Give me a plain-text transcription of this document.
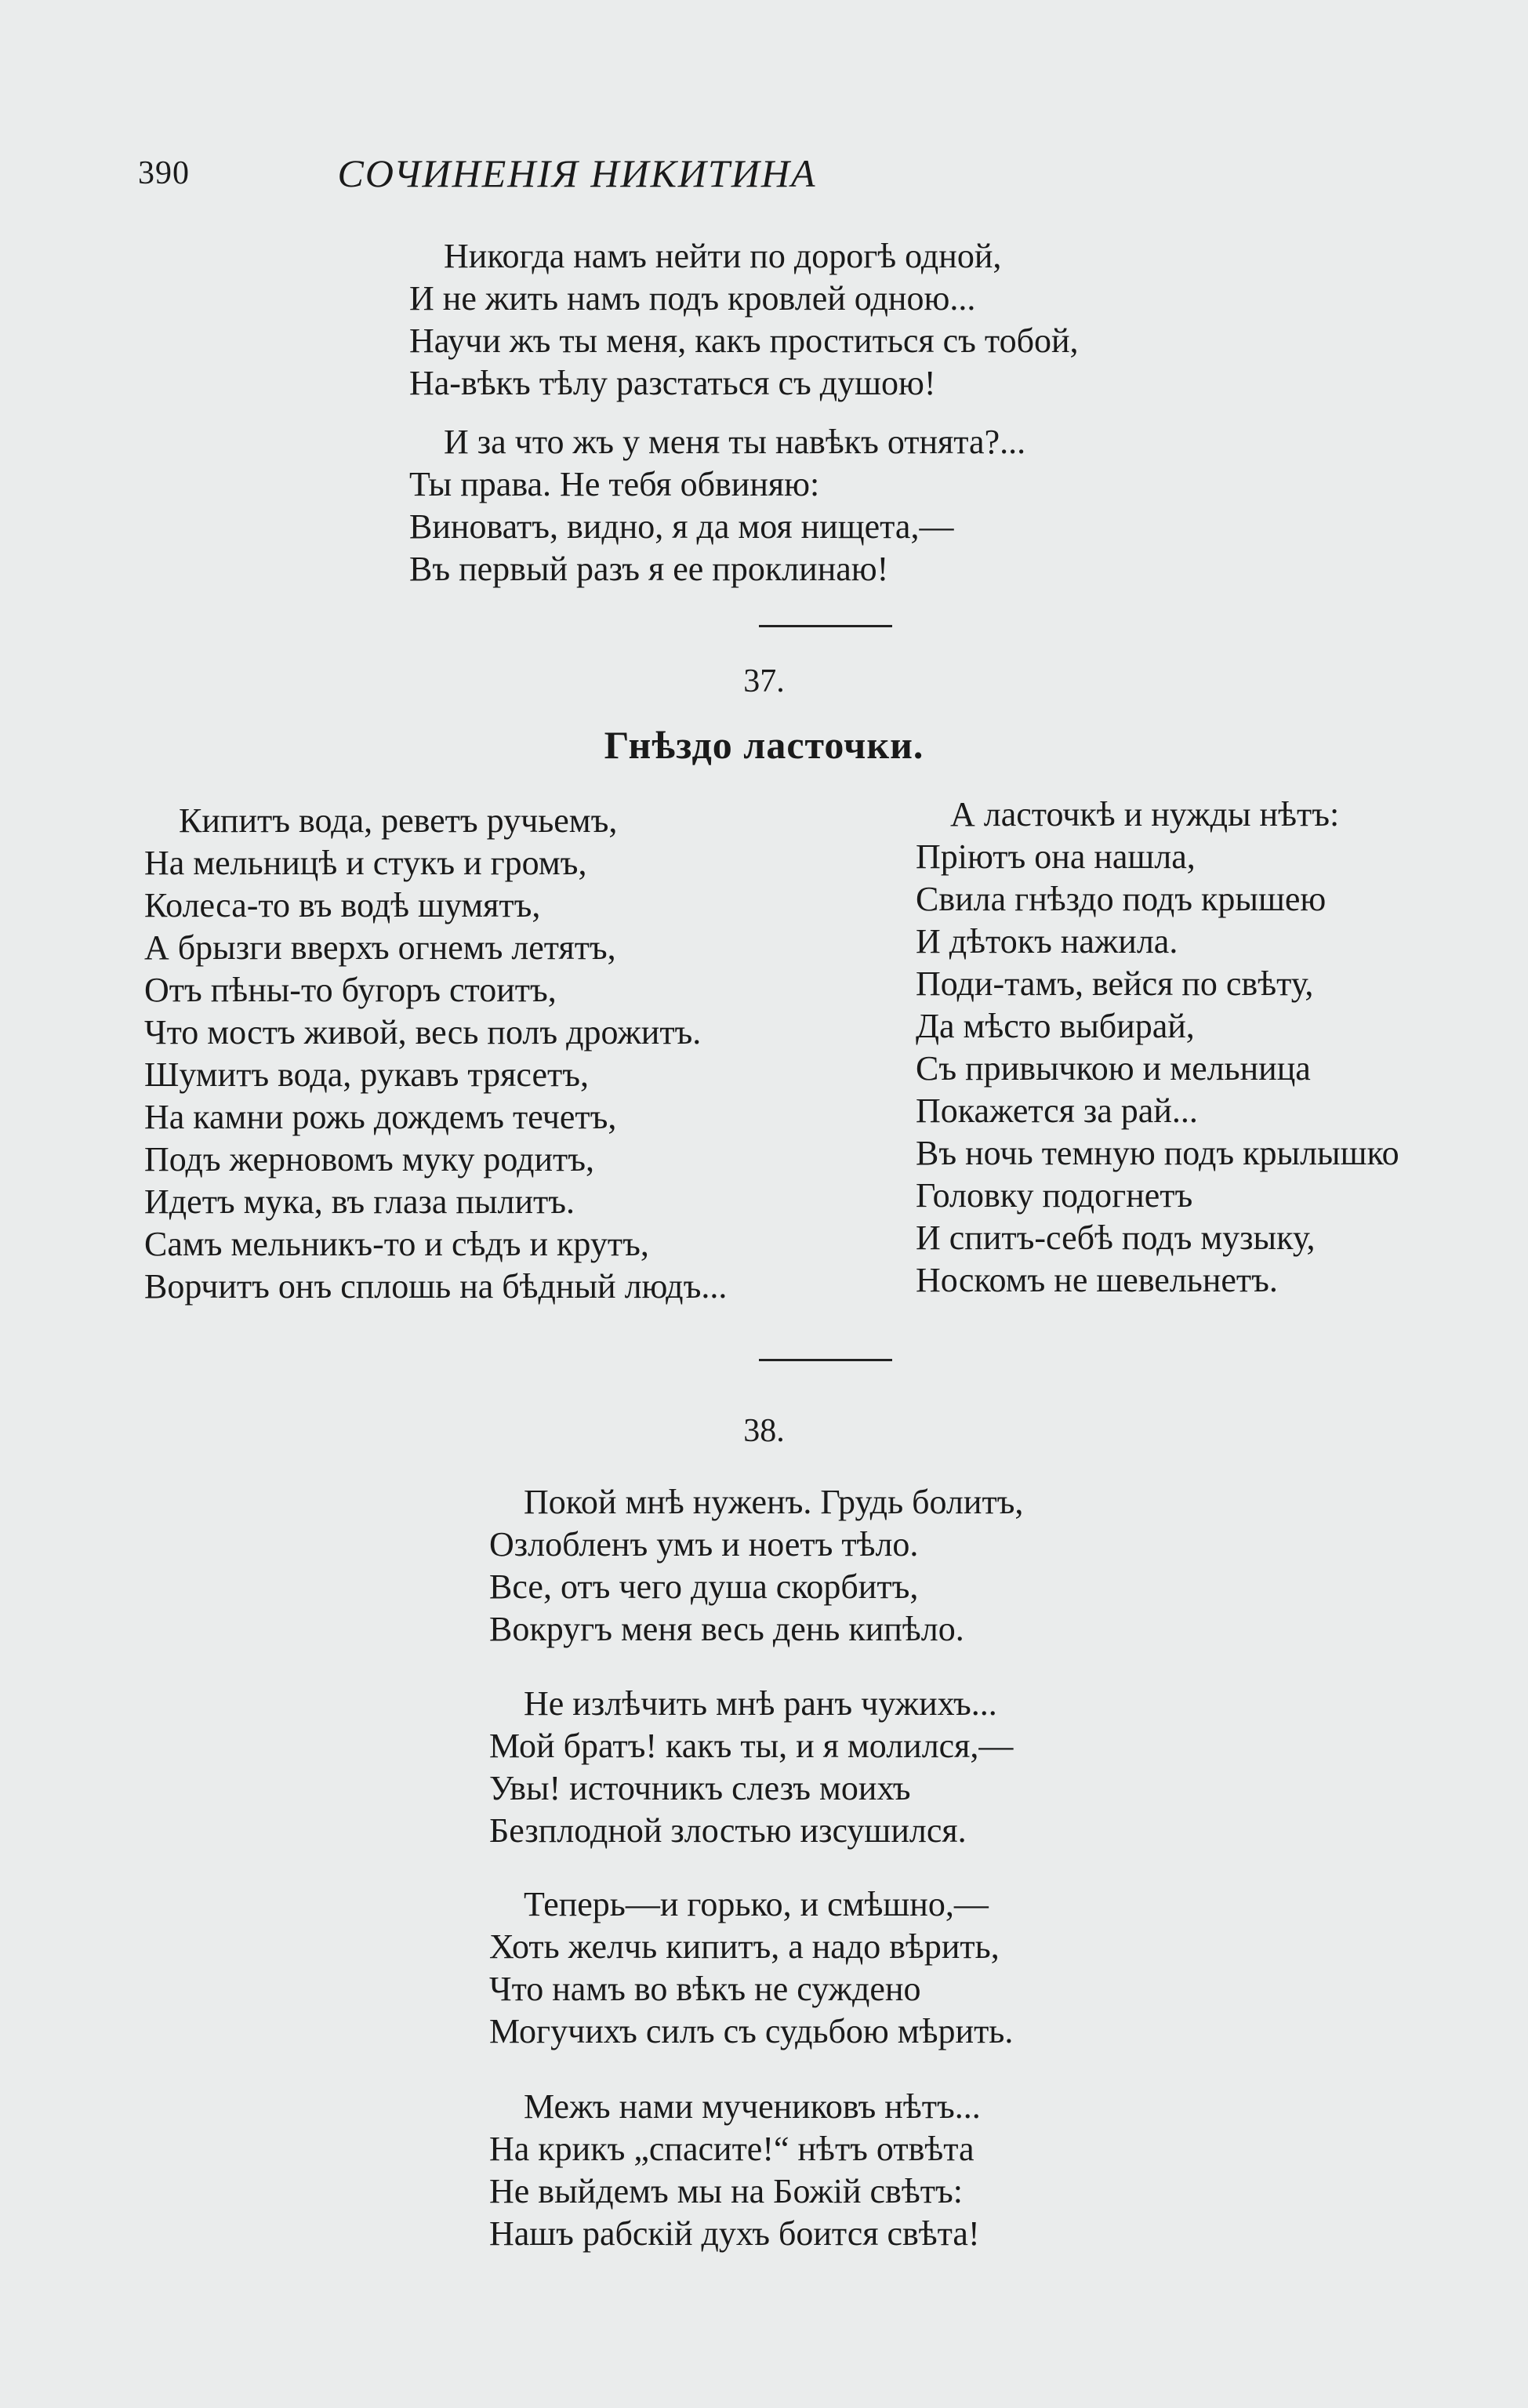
390	СОЧИНЕНІЯ НИКИТИНА
Никогда намъ нейти по дорогѣ одной,
И не жить намъ подъ кровлей одною...
Научи жъ ты меня, какъ проститься съ тобой,
На-вѣкъ тѣлу разстаться съ душою!
И за что жъ у меня ты навѣкъ отнята?...
Ты права. Не тебя обвиняю:
Виноватъ, видно, я да моя нищета,—
Въ первый разъ я ее проклинаю!
37.
Гнѣздо ласточки.
Кипитъ вода, реветъ ручьемъ,
На мельницѣ и стукъ и громъ,
Колеса-то въ водѣ шумятъ,
А брызги вверхъ огнемъ летятъ,
Отъ пѣны-то бугоръ стоитъ,
Что мостъ живой, весь полъ дрожитъ.
Шумитъ вода, рукавъ трясетъ,
На камни рожь дождемъ течетъ,
Подъ жерновомъ муку родитъ,
Идетъ мука, въ глаза пылитъ.
Самъ мельникъ-то и сѣдъ и крутъ,
Ворчитъ онъ сплошь на бѣдный людъ...
А ласточкѣ и нужды нѣтъ:
Пріютъ она нашла,
Свила гнѣздо подъ крышею
И дѣтокъ нажила.
Поди-тамъ, вейся по свѣту,
Да мѣсто выбирай,
Съ привычкою и мельница
Покажется за рай...
Въ ночь темную подъ крылышко
Головку подогнетъ
И спитъ-себѣ подъ музыку,
Носкомъ не шевельнетъ.
38.
Покой мнѣ нуженъ. Грудь болитъ,
Озлобленъ умъ и ноетъ тѣло.
Все, отъ чего душа скорбитъ,
Вокругъ меня весь день кипѣло.
Не излѣчить мнѣ ранъ чужихъ...
Мой братъ! какъ ты, и я молился,—
Увы! источникъ слезъ моихъ
Безплодной злостью изсушился.
Теперь—и горько, и смѣшно,—
Хоть желчь кипитъ, а надо вѣрить,
Что намъ во вѣкъ не суждено
Могучихъ силъ съ судьбою мѣрить.
Межъ нами мучениковъ нѣтъ...
На крикъ „спасите!“ нѣтъ отвѣта
Не выйдемъ мы на Божій свѣтъ:
Нашъ рабскій духъ боится свѣта!
